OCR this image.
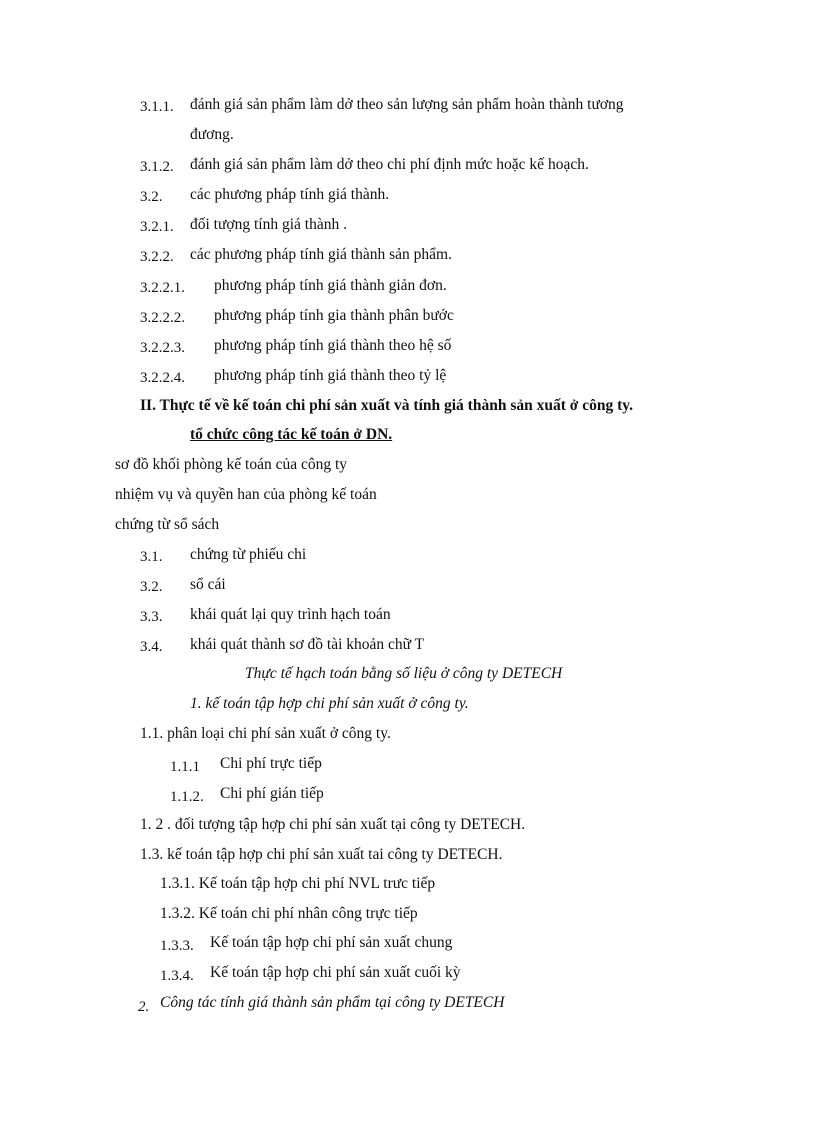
3.1.1. đánh giá sản phẩm làm dở theo sản lượng sản phẩm hoàn thành tương
đương.
3.1.2. đánh giá sản phẩm làm dở theo chi phí định mức hoặc kế hoạch.
3.2. các phương pháp tính giá thành.
3.2.1. đối tượng tính giá thành .
3.2.2. các phương pháp tính giá thành sản phẩm.
3.2.2.1. phương pháp tính giá thành giản đơn.
3.2.2.2. phương pháp tính gia thành phân bước
3.2.2.3. phương pháp tính giá thành theo hệ số
3.2.2.4. phương pháp tính giá thành theo tỷ lệ
II. Thực tế về kế toán chi phí sản xuất và tính giá thành sản xuất ở công ty.
tổ chức công tác kế toán ở DN.
sơ đồ khối phòng kế toán của công ty
nhiệm vụ và quyền han của phòng kế toán
chứng từ sổ sách
3.1. chứng từ phiếu chi
3.2. sổ cái
3.3. khái quát lại quy trình hạch toán
3.4. khái quát thành sơ đồ tài khoản chữ T
Thực tế hạch toán bằng số liệu ở công ty DETECH
1. kế toán tập hợp chi phí sản xuất ở công ty.
1.1. phân loại chi phí sản xuất ở công ty.
1.1.1 Chi phí trực tiếp
1.1.2. Chi phí gián tiếp
1. 2 . đối tượng tập hợp chi phí sản xuất tại công ty DETECH.
1.3. kế toán tập hợp chi phí sản xuất tai công ty DETECH.
1.3.1. Kế toán tập hợp chi phí NVL trưc tiếp
1.3.2. Kế toán chi phí nhân công trực tiếp
1.3.3. Kế toán tập hợp chi phí sản xuất chung
1.3.4. Kế toán tập hợp chi phí sản xuất cuối kỳ
2. Công tác tính giá thành sản phẩm tại công ty DETECH
